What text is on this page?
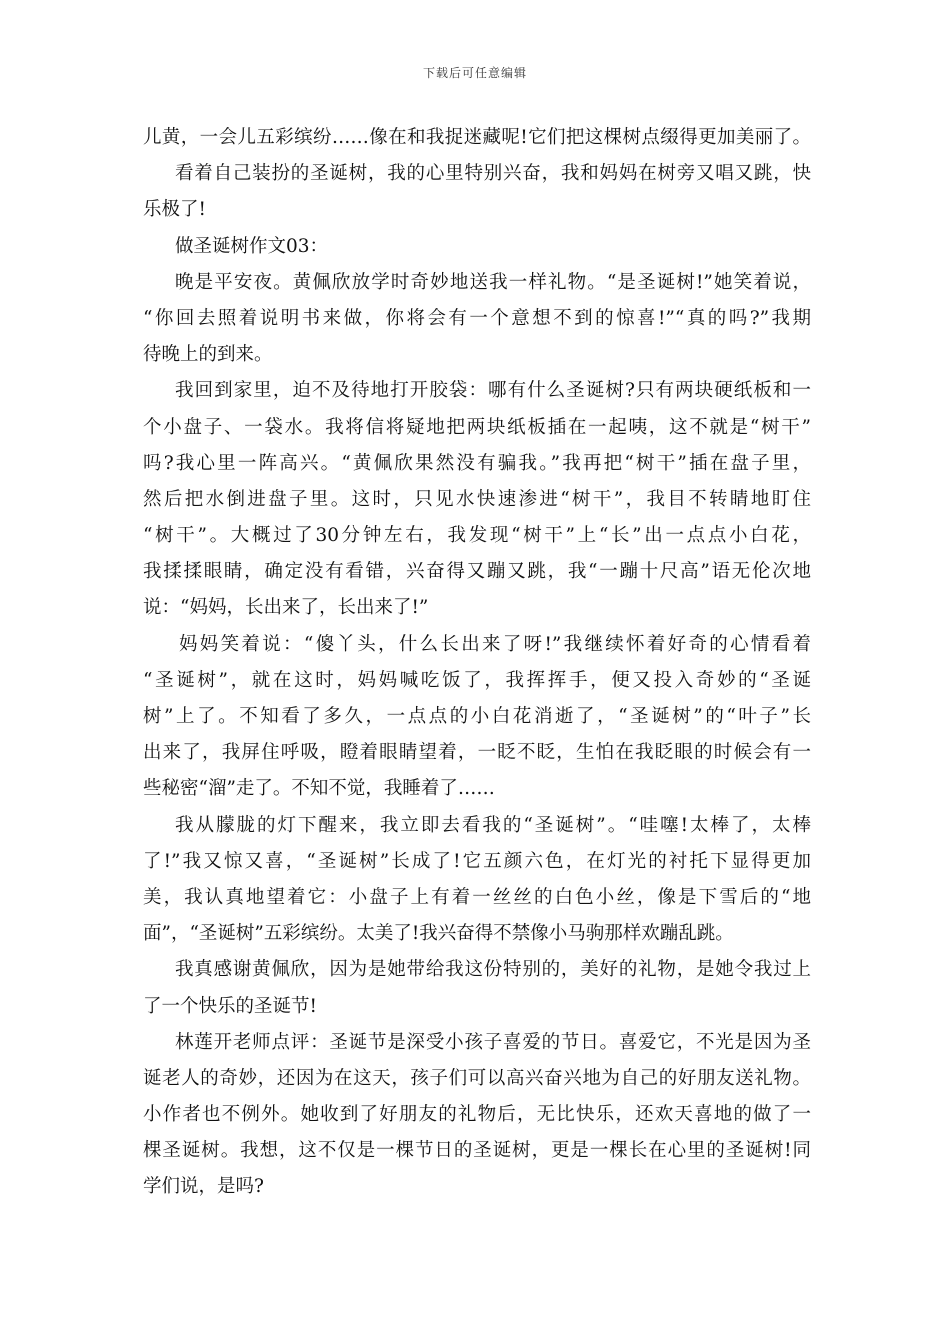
下载后可任意编辑
儿黄，一会儿五彩缤纷……像在和我捉迷藏呢!它们把这棵树点缀得更加美丽了。
看着自己装扮的圣诞树，我的心里特别兴奋，我和妈妈在树旁又唱又跳，快
乐极了!
做圣诞树作文03：
晚是平安夜。黄佩欣放学时奇妙地送我一样礼物。“是圣诞树!”她笑着说，
“你回去照着说明书来做，你将会有一个意想不到的惊喜!”“真的吗?”我期
待晚上的到来。
我回到家里，迫不及待地打开胶袋：哪有什么圣诞树?只有两块硬纸板和一
个小盘子、一袋水。我将信将疑地把两块纸板插在一起咦，这不就是“树干”
吗?我心里一阵高兴。“黄佩欣果然没有骗我。”我再把“树干”插在盘子里，
然后把水倒进盘子里。这时，只见水快速渗进“树干”，我目不转睛地盯住
“树干”。大概过了30分钟左右，我发现“树干”上“长”出一点点小白花，
我揉揉眼睛，确定没有看错，兴奋得又蹦又跳，我“一蹦十尺高”语无伦次地
说：“妈妈，长出来了，长出来了!”
妈妈笑着说：“傻丫头，什么长出来了呀!”我继续怀着好奇的心情看着
“圣诞树”，就在这时，妈妈喊吃饭了，我挥挥手，便又投入奇妙的“圣诞
树”上了。不知看了多久，一点点的小白花消逝了，“圣诞树”的“叶子”长
出来了，我屏住呼吸，瞪着眼睛望着，一眨不眨，生怕在我眨眼的时候会有一
些秘密“溜”走了。不知不觉，我睡着了……
我从朦胧的灯下醒来，我立即去看我的“圣诞树”。“哇噻!太棒了，太棒
了!”我又惊又喜，“圣诞树”长成了!它五颜六色，在灯光的衬托下显得更加
美，我认真地望着它：小盘子上有着一丝丝的白色小丝，像是下雪后的“地
面”，“圣诞树”五彩缤纷。太美了!我兴奋得不禁像小马驹那样欢蹦乱跳。
我真感谢黄佩欣，因为是她带给我这份特别的，美好的礼物，是她令我过上
了一个快乐的圣诞节!
林莲开老师点评：圣诞节是深受小孩子喜爱的节日。喜爱它，不光是因为圣
诞老人的奇妙，还因为在这天，孩子们可以高兴奋兴地为自己的好朋友送礼物。
小作者也不例外。她收到了好朋友的礼物后，无比快乐，还欢天喜地的做了一
棵圣诞树。我想，这不仅是一棵节日的圣诞树，更是一棵长在心里的圣诞树!同
学们说，是吗?
